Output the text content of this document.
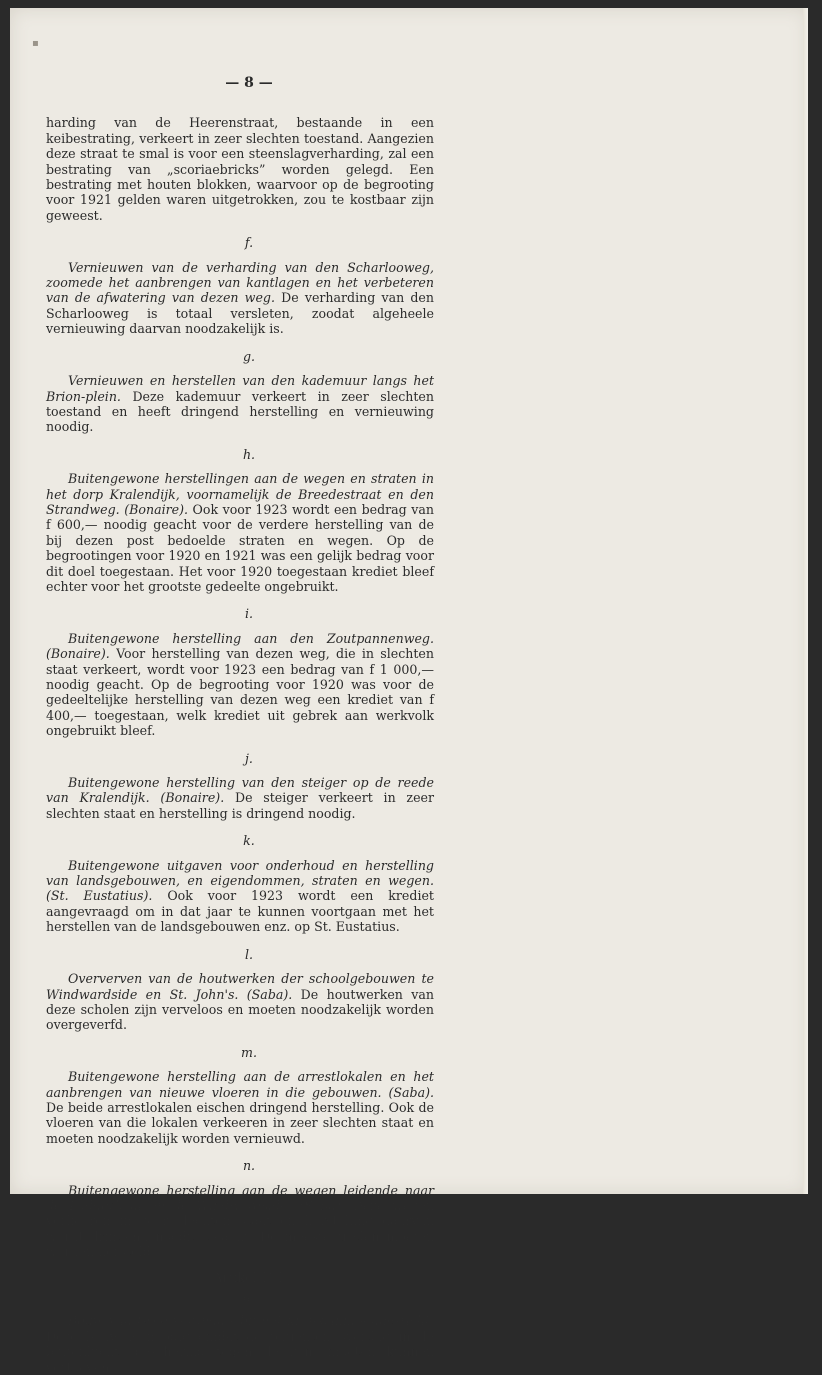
▪
— 8 —

harding van de Heerenstraat, bestaande in een keibestrating, verkeert in zeer slechten toestand. Aangezien deze straat te smal is voor een steenslagverharding, zal een bestrating van „scoriaebricks” worden gelegd. Een bestrating met houten blokken, waarvoor op de begrooting voor 1921 gelden waren uitgetrokken, zou te kostbaar zijn geweest.

f.

Vernieuwen van de verharding van den Scharlooweg, zoomede het aanbrengen van kantlagen en het verbeteren van de afwatering van dezen weg. De verharding van den Scharlooweg is totaal versleten, zoodat algeheele vernieuwing daarvan noodzakelijk is.

g.

Vernieuwen en herstellen van den kademuur langs het Brion-plein. Deze kademuur verkeert in zeer slechten toestand en heeft dringend herstelling en vernieuwing noodig.

h.

Buitengewone herstellingen aan de wegen en straten in het dorp Kralendijk, voornamelijk de Breedestraat en den Strandweg. (Bonaire). Ook voor 1923 wordt een bedrag van f 600,— noodig geacht voor de verdere herstelling van de bij dezen post bedoelde straten en wegen. Op de begrootingen voor 1920 en 1921 was een gelijk bedrag voor dit doel toegestaan. Het voor 1920 toegestaan krediet bleef echter voor het grootste gedeelte ongebruikt.

i.

Buitengewone herstelling aan den Zoutpannenweg. (Bonaire). Voor herstelling van dezen weg, die in slechten staat verkeert, wordt voor 1923 een bedrag van f 1 000,— noodig geacht. Op de begrooting voor 1920 was voor de gedeeltelijke herstelling van dezen weg een krediet van f 400,— toegestaan, welk krediet uit gebrek aan werkvolk ongebruikt bleef.

j.

Buitengewone herstelling van den steiger op de reede van Kralendijk. (Bonaire). De steiger verkeert in zeer slechten staat en herstelling is dringend noodig.

k.

Buitengewone uitgaven voor onderhoud en herstelling van landsgebouwen, en eigendommen, straten en wegen. (St. Eustatius). Ook voor 1923 wordt een krediet aangevraagd om in dat jaar te kunnen voortgaan met het herstellen van de landsgebouwen enz. op St. Eustatius.

l.

Oververven van de houtwerken der schoolgebouwen te Windwardside en St. John's. (Saba). De houtwerken van deze scholen zijn verveloos en moeten noodzakelijk worden overgeverfd.

m.

Buitengewone herstelling aan de arrestlokalen en het aanbrengen van nieuwe vloeren in die gebouwen. (Saba). De beide arrestlokalen eischen dringend herstelling. Ook de vloeren van die lokalen verkeeren in zeer slechten staat en moeten noodzakelijk worden vernieuwd.

n.

Buitengewone herstelling aan de wegen leidende naar de Ladderbaai en de Windwardside. (Saba). Deze wegen verkeeren in zeer slechten staat en herstelling daarvan wordt dringend noodig geacht. De meeste treden moeten worden hersteld.

Artikel 131
a.

Bouw van twee veranda's bij het krankzinnigengesticht. Deze bouw is noodig omdat de patienten overdag in de buitenlucht, beschermd tegen de zon, moeten kunnen vertoeven.
